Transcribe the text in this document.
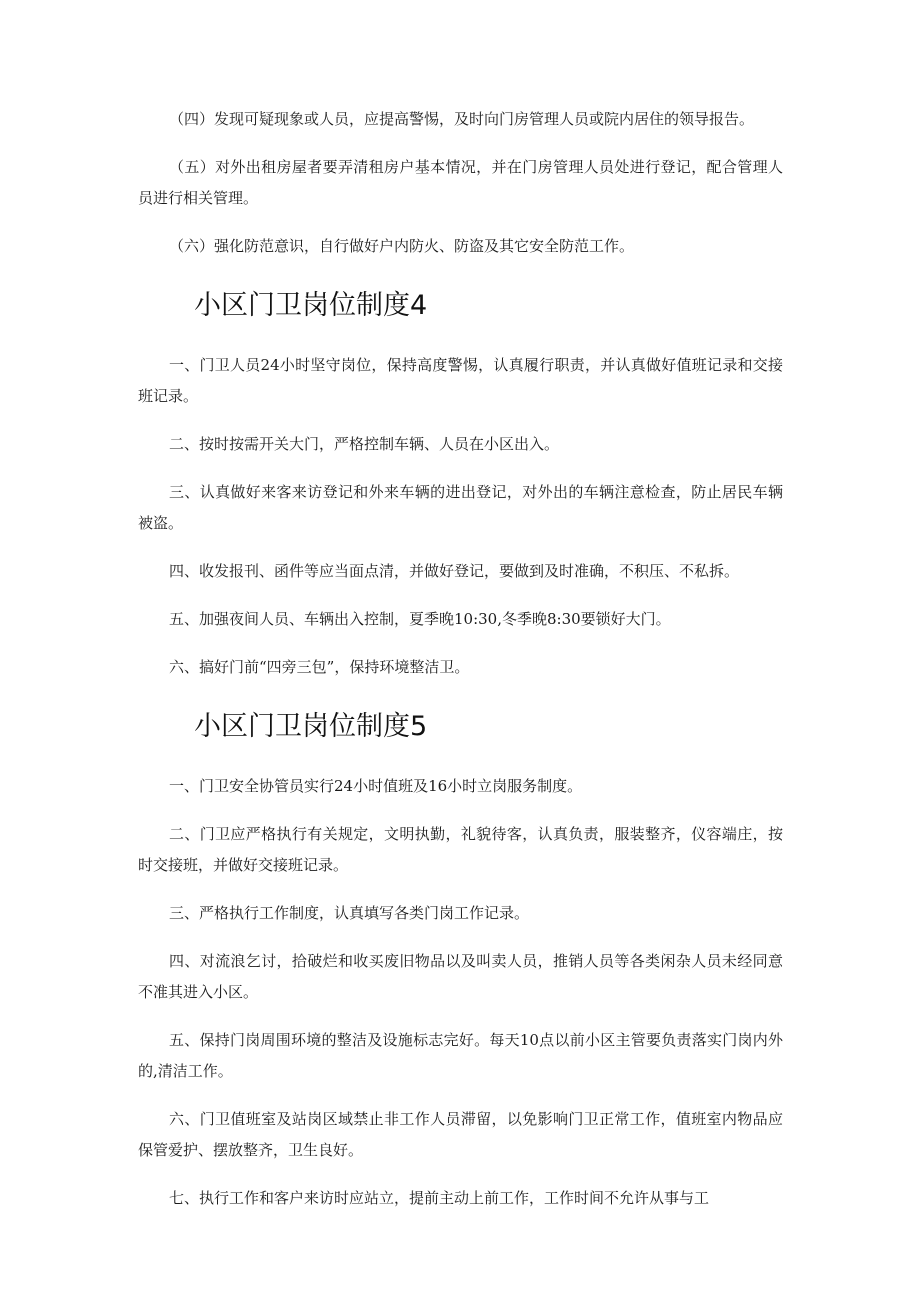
（四）发现可疑现象或人员，应提高警惕，及时向门房管理人员或院内居住的领导报告。

（五）对外出租房屋者要弄清租房户基本情况，并在门房管理人员处进行登记，配合管理人员进行相关管理。

（六）强化防范意识，自行做好户内防火、防盗及其它安全防范工作。

小区门卫岗位制度4

一、门卫人员24小时坚守岗位，保持高度警惕，认真履行职责，并认真做好值班记录和交接班记录。

二、按时按需开关大门，严格控制车辆、人员在小区出入。

三、认真做好来客来访登记和外来车辆的进出登记，对外出的车辆注意检查，防止居民车辆被盗。

四、收发报刊、函件等应当面点清，并做好登记，要做到及时准确，不积压、不私拆。

五、加强夜间人员、车辆出入控制，夏季晚10:30,冬季晚8:30要锁好大门。

六、搞好门前“四旁三包”，保持环境整洁卫。

小区门卫岗位制度5

一、门卫安全协管员实行24小时值班及16小时立岗服务制度。

二、门卫应严格执行有关规定，文明执勤，礼貌待客，认真负责，服装整齐，仪容端庄，按时交接班，并做好交接班记录。

三、严格执行工作制度，认真填写各类门岗工作记录。

四、对流浪乞讨，拾破烂和收买废旧物品以及叫卖人员，推销人员等各类闲杂人员未经同意不准其进入小区。

五、保持门岗周围环境的整洁及设施标志完好。每天10点以前小区主管要负责落实门岗内外的,清洁工作。

六、门卫值班室及站岗区域禁止非工作人员滞留，以免影响门卫正常工作，值班室内物品应保管爱护、摆放整齐，卫生良好。

七、执行工作和客户来访时应站立，提前主动上前工作，工作时间不允许从事与工
